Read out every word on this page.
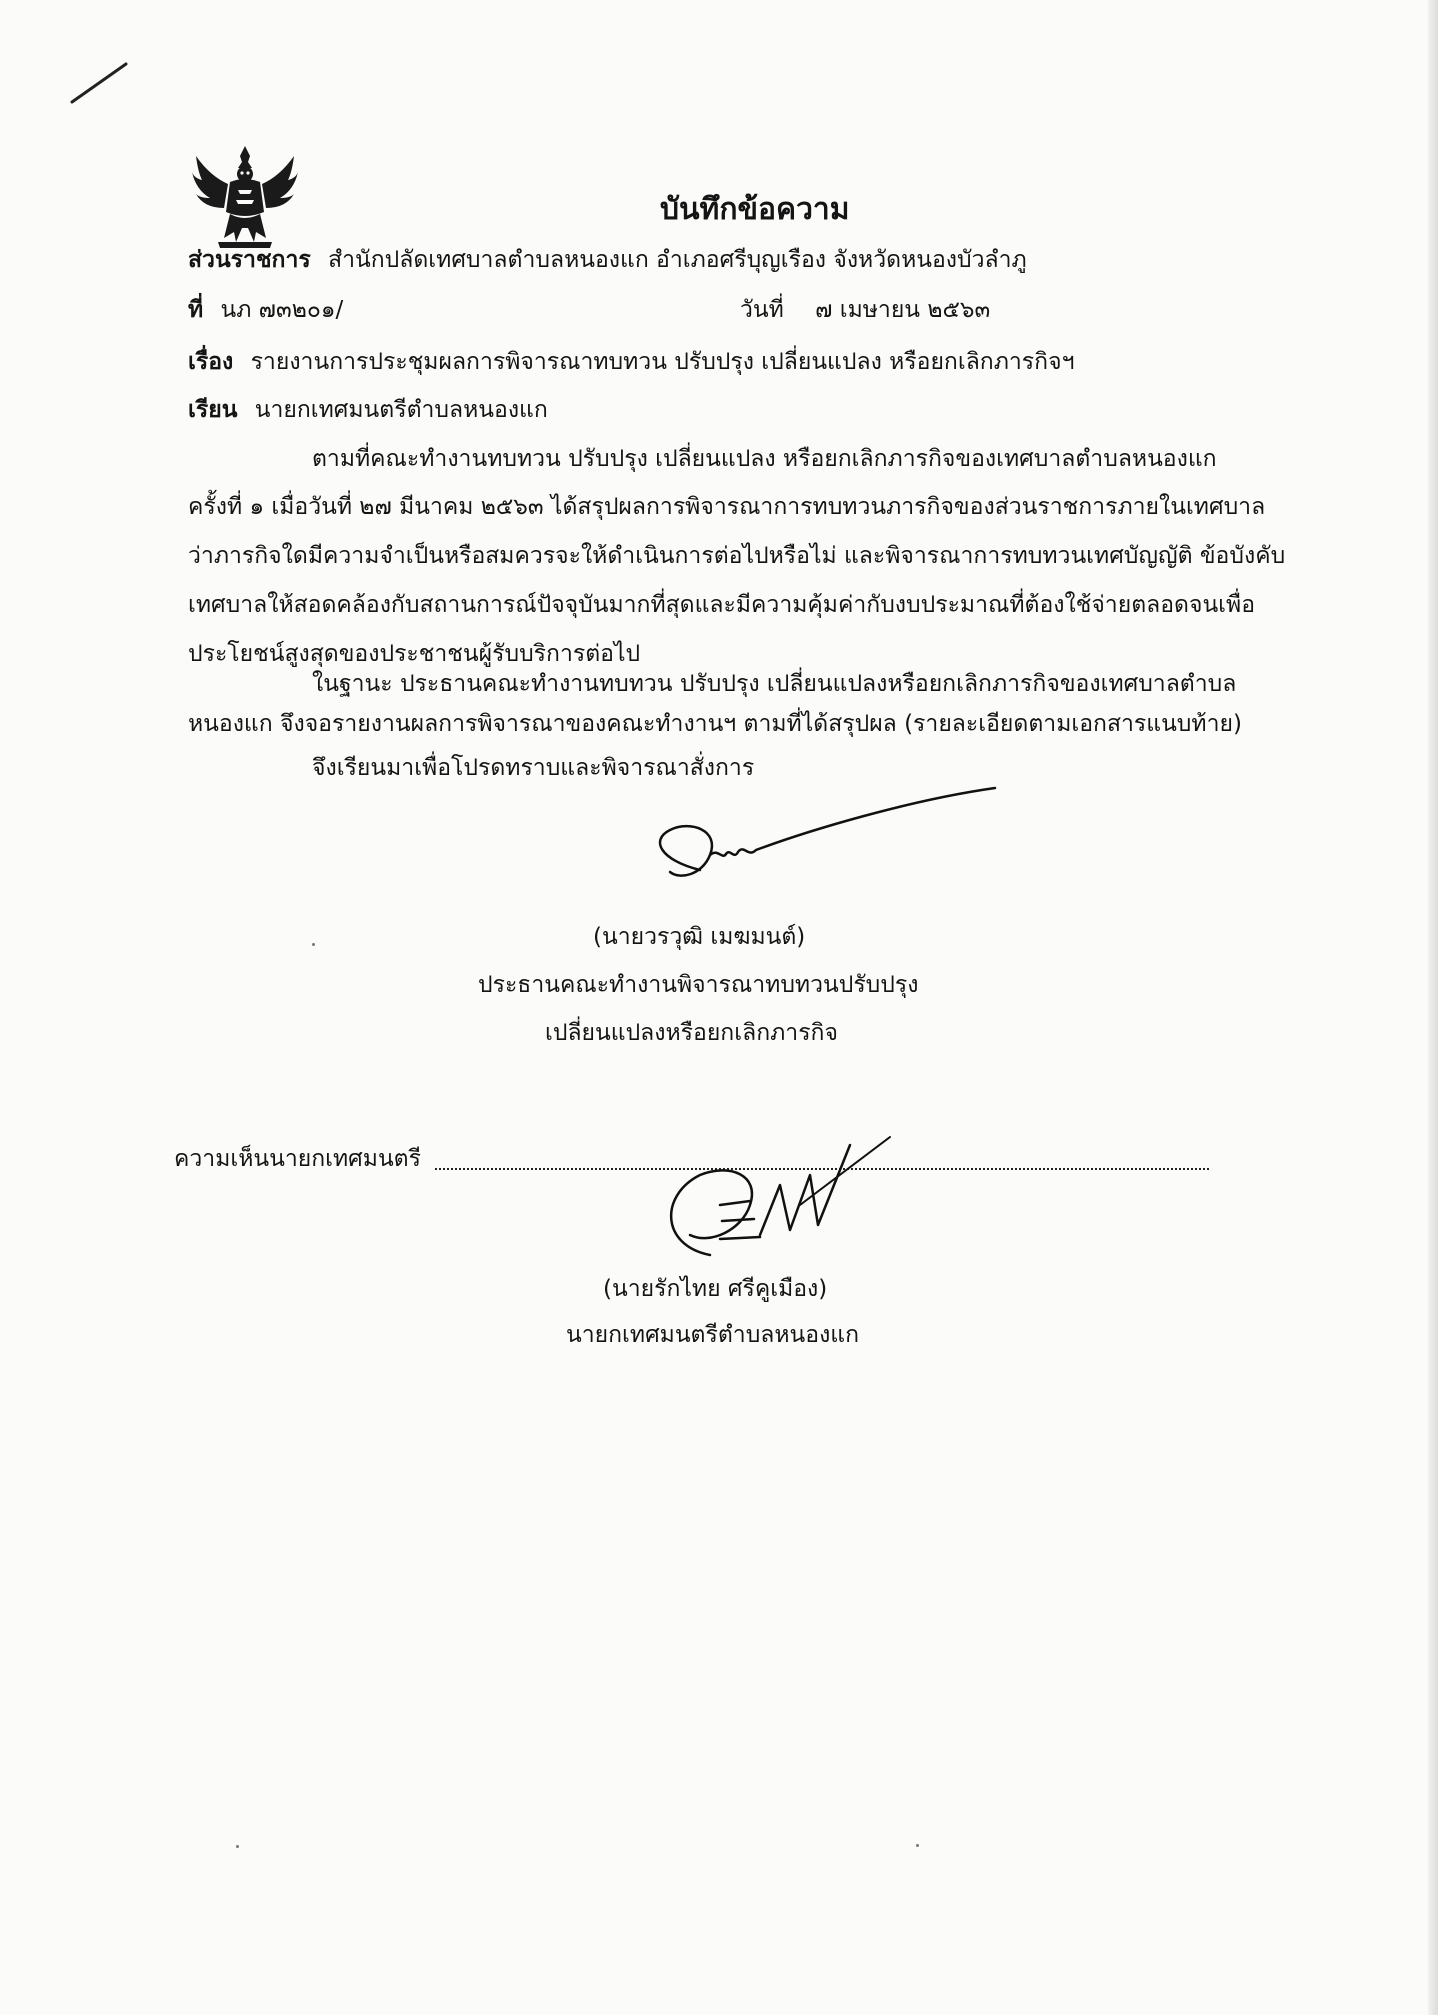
บันทึกข้อความ
ส่วนราชการ สำนักปลัดเทศบาลตำบลหนองแก อำเภอศรีบุญเรือง จังหวัดหนองบัวลำภู
ที่ นภ ๗๓๒๐๑/	วันที่ ๗ เมษายน ๒๕๖๓
เรื่อง รายงานการประชุมผลการพิจารณาทบทวน ปรับปรุง เปลี่ยนแปลง หรือยกเลิกภารกิจฯ
เรียน นายกเทศมนตรีตำบลหนองแก
ตามที่คณะทำงานทบทวน ปรับปรุง เปลี่ยนแปลง หรือยกเลิกภารกิจของเทศบาลตำบลหนองแก
ครั้งที่ ๑ เมื่อวันที่ ๒๗ มีนาคม ๒๕๖๓ ได้สรุปผลการพิจารณาการทบทวนภารกิจของส่วนราชการภายในเทศบาล
ว่าภารกิจใดมีความจำเป็นหรือสมควรจะให้ดำเนินการต่อไปหรือไม่ และพิจารณาการทบทวนเทศบัญญัติ ข้อบังคับ
เทศบาลให้สอดคล้องกับสถานการณ์ปัจจุบันมากที่สุดและมีความคุ้มค่ากับงบประมาณที่ต้องใช้จ่ายตลอดจนเพื่อ
ประโยชน์สูงสุดของประชาชนผู้รับบริการต่อไป
ในฐานะ ประธานคณะทำงานทบทวน ปรับปรุง เปลี่ยนแปลงหรือยกเลิกภารกิจของเทศบาลตำบล
หนองแก จึงจอรายงานผลการพิจารณาของคณะทำงานฯ ตามที่ได้สรุปผล (รายละเอียดตามเอกสารแนบท้าย)
จึงเรียนมาเพื่อโปรดทราบและพิจารณาสั่งการ
(นายวรวุฒิ เมฆมนต์)
ประธานคณะทำงานพิจารณาทบทวนปรับปรุง
เปลี่ยนแปลงหรือยกเลิกภารกิจ
ความเห็นนายกเทศมนตรี
(นายรักไทย ศรีคูเมือง)
นายกเทศมนตรีตำบลหนองแก
